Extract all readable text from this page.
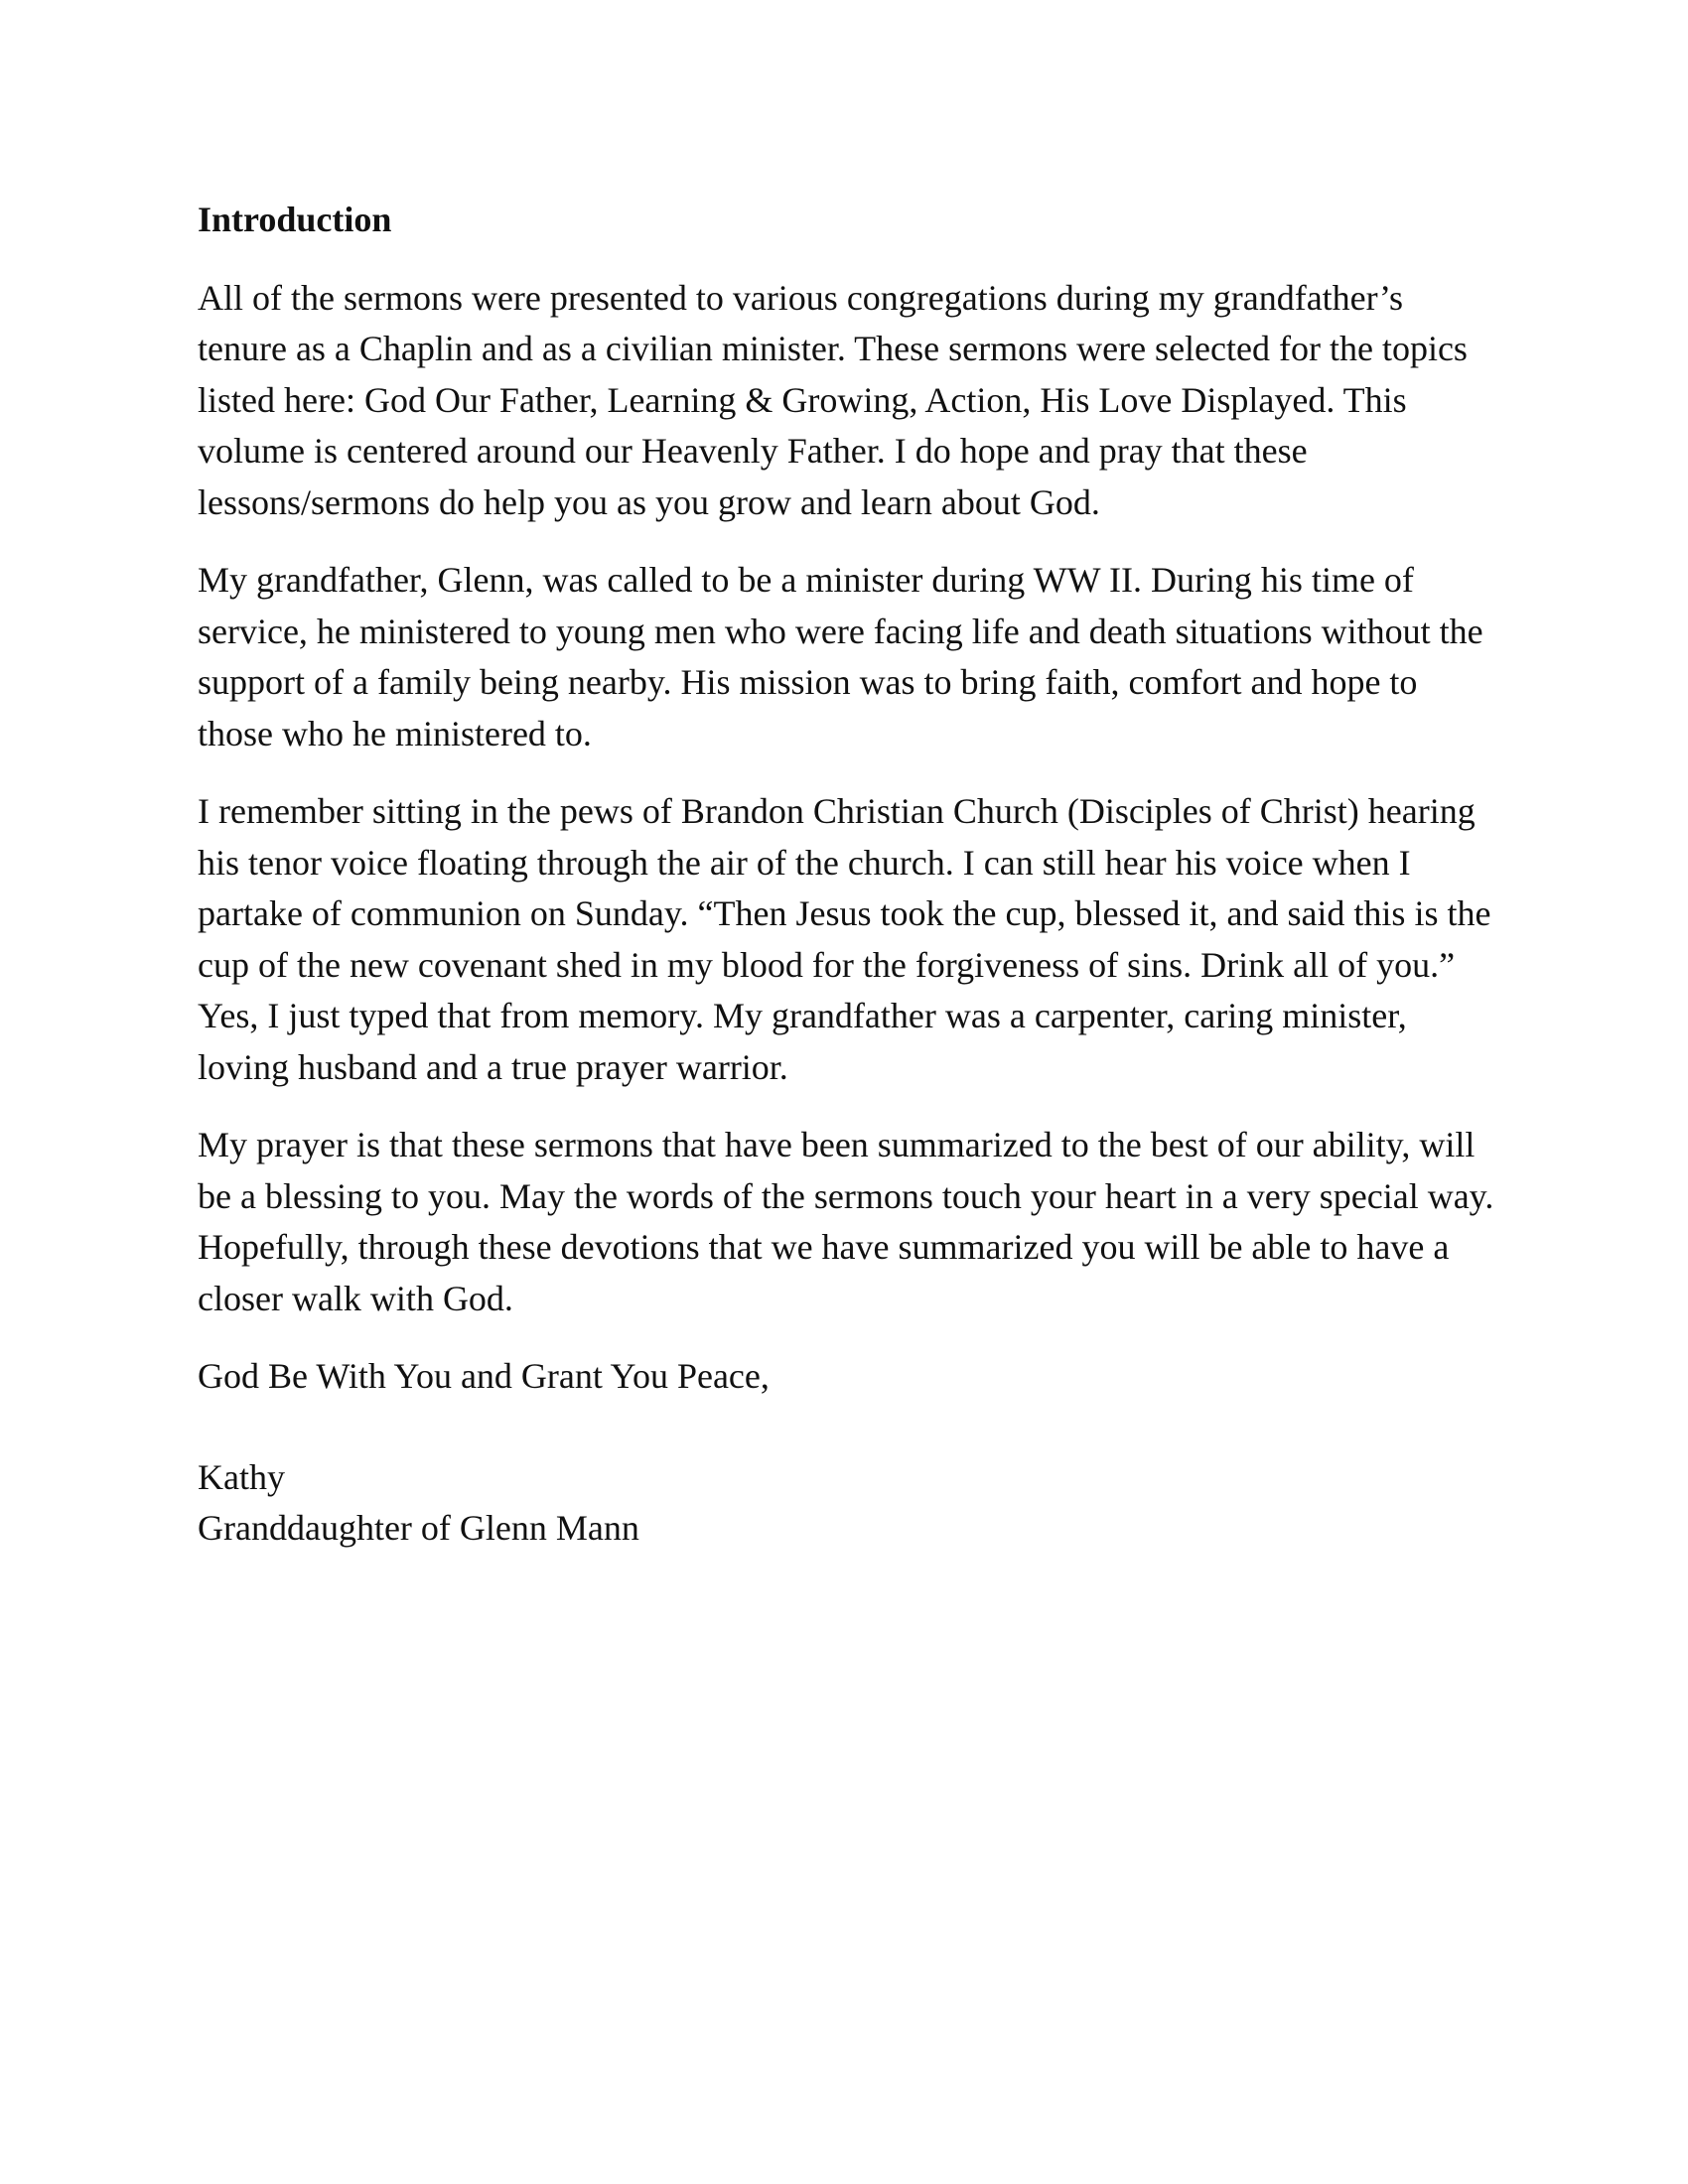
Introduction

All of the sermons were presented to various congregations during my grandfather’s tenure as a Chaplin and as a civilian minister. These sermons were selected for the topics listed here: God Our Father, Learning & Growing, Action, His Love Displayed. This volume is centered around our Heavenly Father. I do hope and pray that these lessons/sermons do help you as you grow and learn about God.

My grandfather, Glenn, was called to be a minister during WW II. During his time of service, he ministered to young men who were facing life and death situations without the support of a family being nearby. His mission was to bring faith, comfort and hope to those who he ministered to.

I remember sitting in the pews of Brandon Christian Church (Disciples of Christ) hearing his tenor voice floating through the air of the church. I can still hear his voice when I partake of communion on Sunday. “Then Jesus took the cup, blessed it, and said this is the cup of the new covenant shed in my blood for the forgiveness of sins. Drink all of you.” Yes, I just typed that from memory. My grandfather was a carpenter, caring minister, loving husband and a true prayer warrior.

My prayer is that these sermons that have been summarized to the best of our ability, will be a blessing to you. May the words of the sermons touch your heart in a very special way. Hopefully, through these devotions that we have summarized you will be able to have a closer walk with God.

God Be With You and Grant You Peace,

Kathy
Granddaughter of Glenn Mann
